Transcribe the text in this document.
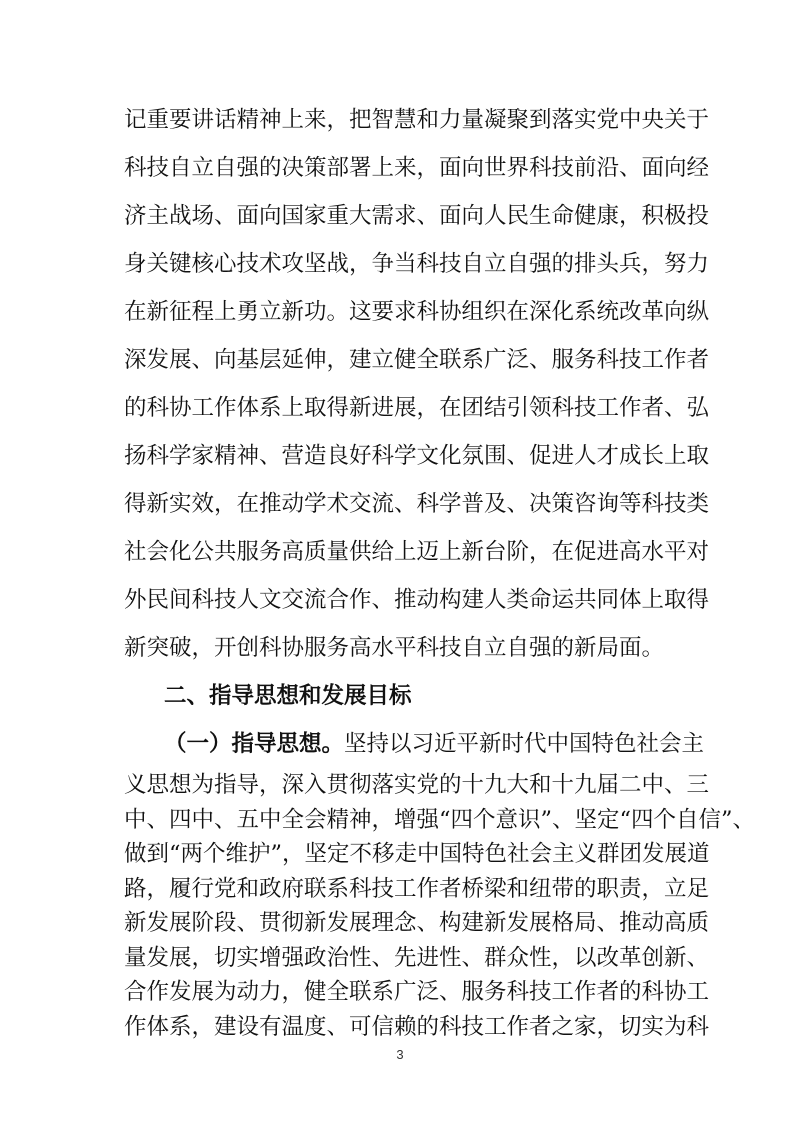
记重要讲话精神上来，把智慧和力量凝聚到落实党中央关于
科技自立自强的决策部署上来，面向世界科技前沿、面向经
济主战场、面向国家重大需求、面向人民生命健康，积极投
身关键核心技术攻坚战，争当科技自立自强的排头兵，努力
在新征程上勇立新功。这要求科协组织在深化系统改革向纵
深发展、向基层延伸，建立健全联系广泛、服务科技工作者
的科协工作体系上取得新进展，在团结引领科技工作者、弘
扬科学家精神、营造良好科学文化氛围、促进人才成长上取
得新实效，在推动学术交流、科学普及、决策咨询等科技类
社会化公共服务高质量供给上迈上新台阶，在促进高水平对
外民间科技人文交流合作、推动构建人类命运共同体上取得
新突破，开创科协服务高水平科技自立自强的新局面。
二、指导思想和发展目标
（一）指导思想。坚持以习近平新时代中国特色社会主
3
义思想为指导，深入贯彻落实党的十九大和十九届二中、三
中、四中、五中全会精神，增强“四个意识”、坚定“四个自信”、
做到“两个维护”，坚定不移走中国特色社会主义群团发展道
路，履行党和政府联系科技工作者桥梁和纽带的职责，立足
新发展阶段、贯彻新发展理念、构建新发展格局、推动高质
量发展，切实增强政治性、先进性、群众性，以改革创新、
合作发展为动力，健全联系广泛、服务科技工作者的科协工
作体系，建设有温度、可信赖的科技工作者之家，切实为科
